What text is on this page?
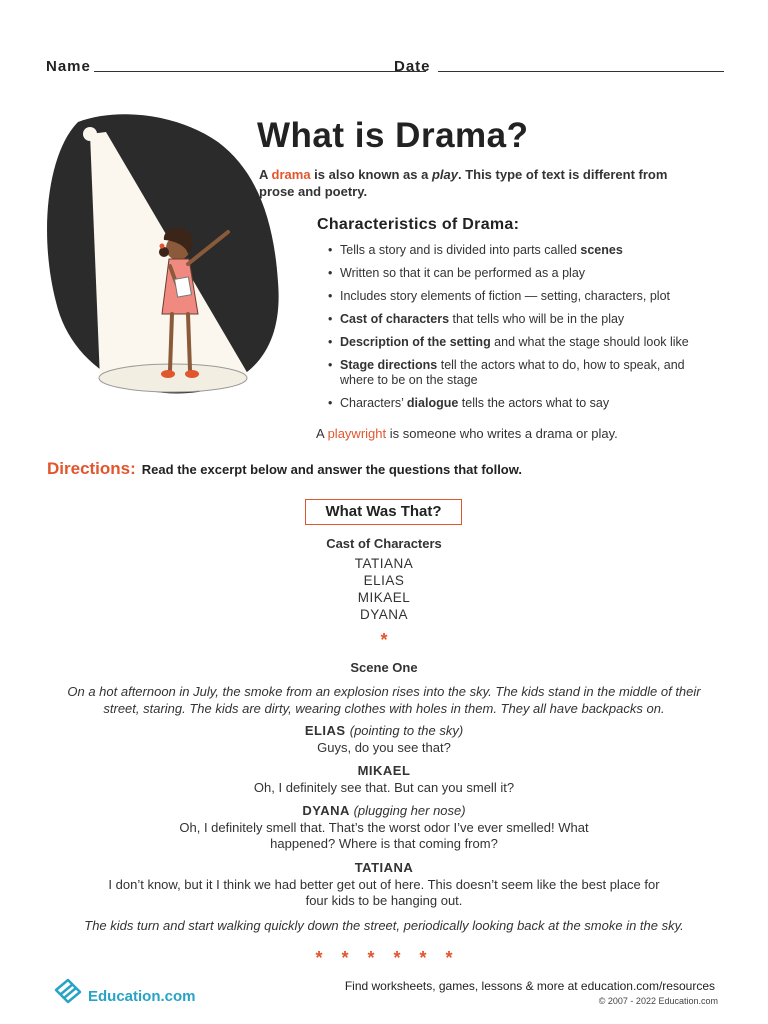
Name	Date
What is Drama?
A drama is also known as a play. This type of text is different from prose and poetry.
Characteristics of Drama:
• Tells a story and is divided into parts called scenes
• Written so that it can be performed as a play
• Includes story elements of fiction — setting, characters, plot
• Cast of characters that tells who will be in the play
• Description of the setting and what the stage should look like
• Stage directions tell the actors what to do, how to speak, and where to be on the stage
• Characters’ dialogue tells the actors what to say
A playwright is someone who writes a drama or play.
Directions: Read the excerpt below and answer the questions that follow.
What Was That?
Cast of Characters
TATIANA
ELIAS
MIKAEL
DYANA
*
Scene One
On a hot afternoon in July, the smoke from an explosion rises into the sky. The kids stand in the middle of their street, staring. The kids are dirty, wearing clothes with holes in them. They all have backpacks on.
ELIAS (pointing to the sky)
Guys, do you see that?
MIKAEL
Oh, I definitely see that. But can you smell it?
DYANA (plugging her nose)
Oh, I definitely smell that. That’s the worst odor I’ve ever smelled! What happened? Where is that coming from?
TATIANA
I don’t know, but it I think we had better get out of here. This doesn’t seem like the best place for four kids to be hanging out.
The kids turn and start walking quickly down the street, periodically looking back at the smoke in the sky.
******
Education.com
Find worksheets, games, lessons & more at education.com/resources
© 2007 - 2022 Education.com
